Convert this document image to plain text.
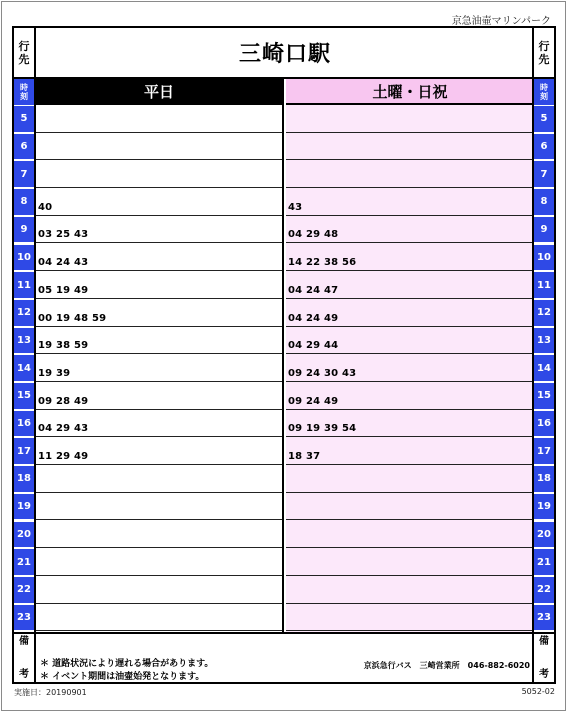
京急油壷マリンパーク
行
先
時
刻
5
6
7
8
9
10
11
12
13
14
15
16
17
18
19
20
21
22
23
備
考
三崎口駅
平日	土曜・日祝
40
03 25 43
04 24 43
05 19 49
00 19 48 59
19 38 59
19 39
09 28 49
04 29 43
11 29 49
43
04 29 48
14 22 38 56
04 24 47
04 24 49
04 29 44
09 24 30 43
09 24 49
09 19 39 54
18 37
＊ 道路状況により遅れる場合があります。
＊ イベント期間は油壷始発となります。
京浜急行バス　三崎営業所　046-882-6020
行
先
時
刻
5
6
7
8
9
10
11
12
13
14
15
16
17
18
19
20
21
22
23
備
考
実施日：20190901	5052-02
